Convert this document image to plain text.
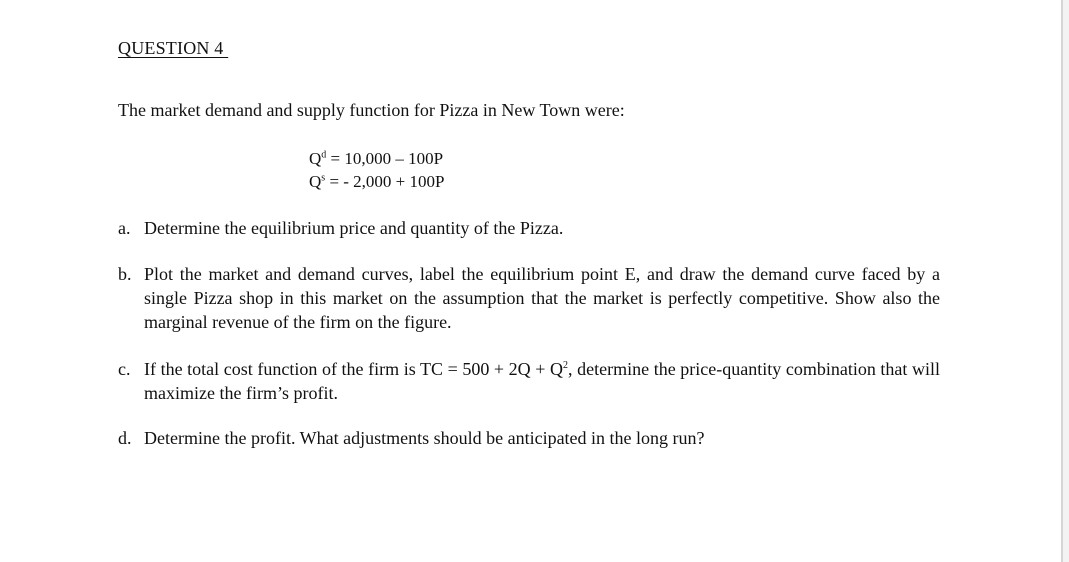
QUESTION 4
The market demand and supply function for Pizza in New Town were:
$Q^d = 10,000 - 100P$
$Q^s$ = - 2,000 + 100P
a. Determine the equilibrium price and quantity of the Pizza.
b. Plot the market and demand curves, label the equilibrium point E, and draw the demand curve faced by a single Pizza shop in this market on the assumption that the market is perfectly competitive. Show also the marginal revenue of the firm on the figure.
c. If the total cost function of the firm is TC = $500 + 2Q + Q^2$, determine the price-quantity combination that will maximize the firm’s profit.
d. Determine the profit. What adjustments should be anticipated in the long run?
